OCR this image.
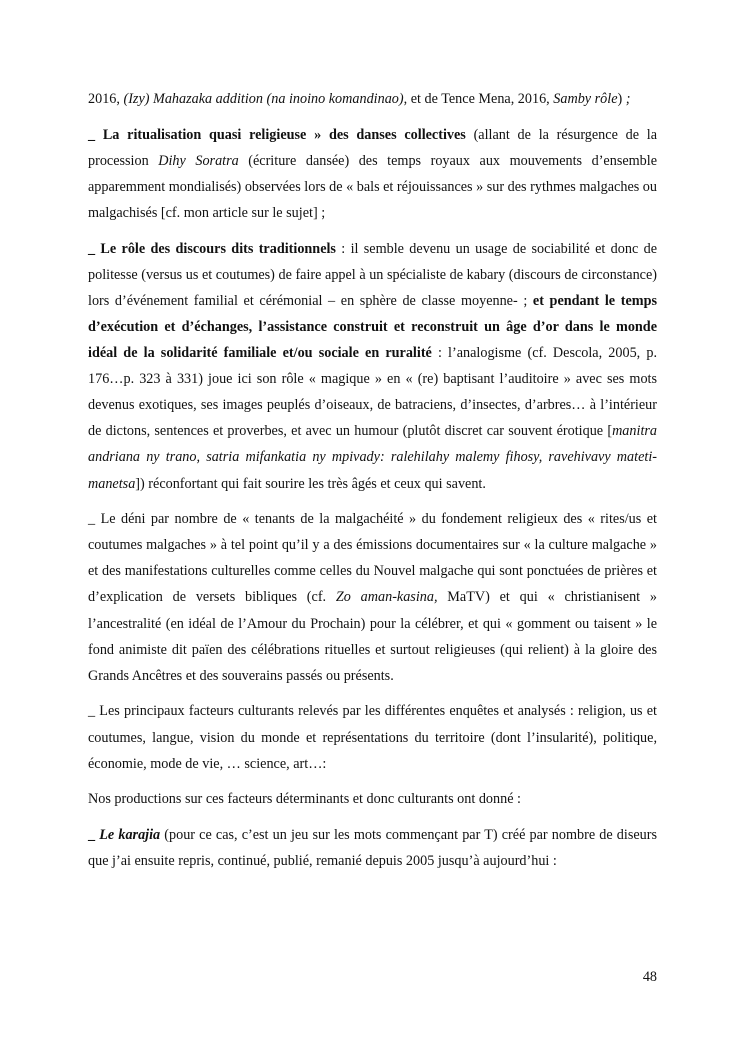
2016, (Izy) Mahazaka addition (na inoino komandinao), et de Tence Mena, 2016, Samby rôle) ;

_ La ritualisation quasi religieuse » des danses collectives (allant de la résurgence de la procession Dihy Soratra (écriture dansée) des temps royaux aux mouvements d’ensemble apparemment mondialisés) observées lors de « bals et réjouissances » sur des rythmes malgaches ou malgachisés [cf. mon article sur le sujet] ;

_ Le rôle des discours dits traditionnels : il semble devenu un usage de sociabilité et donc de politesse (versus us et coutumes) de faire appel à un spécialiste de kabary (discours de circonstance) lors d’événement familial et cérémonial – en sphère de classe moyenne- ; et pendant le temps d’exécution et d’échanges, l’assistance construit et reconstruit un âge d’or dans le monde idéal de la solidarité familiale et/ou sociale en ruralité : l’analogisme (cf. Descola, 2005, p. 176…p. 323 à 331) joue ici son rôle « magique » en « (re) baptisant l’auditoire » avec ses mots devenus exotiques, ses images peuplés d’oiseaux, de batraciens, d’insectes, d’arbres… à l’intérieur de dictons, sentences et proverbes, et avec un humour (plutôt discret car souvent érotique [manitra andriana ny trano, satria mifankatia ny mpivady: ralehilahy malemy fihosy, ravehivavy mateti-manetsa]) réconfortant qui fait sourire les très âgés et ceux qui savent.

_ Le déni par nombre de « tenants de la malgachéité » du fondement religieux des « rites/us et coutumes malgaches » à tel point qu’il y a des émissions documentaires sur « la culture malgache » et des manifestations culturelles comme celles du Nouvel malgache qui sont ponctuées de prières et d’explication de versets bibliques (cf. Zo aman-kasina, MaTV) et qui « christianisent » l’ancestralité (en idéal de l’Amour du Prochain) pour la célébrer, et qui « gomment ou taisent » le fond animiste dit païen des célébrations rituelles et surtout religieuses (qui relient) à la gloire des Grands Ancêtres et des souverains passés ou présents.

_ Les principaux facteurs culturants relevés par les différentes enquêtes et analysés : religion, us et coutumes, langue, vision du monde et représentations du territoire (dont l’insularité), politique, économie, mode de vie, … science, art…:

Nos productions sur ces facteurs déterminants et donc culturants ont donné :

_ Le karajia (pour ce cas, c’est un jeu sur les mots commençant par T) créé par nombre de diseurs que j’ai ensuite repris, continué, publié, remanié depuis 2005 jusqu’à aujourd’hui :

48
